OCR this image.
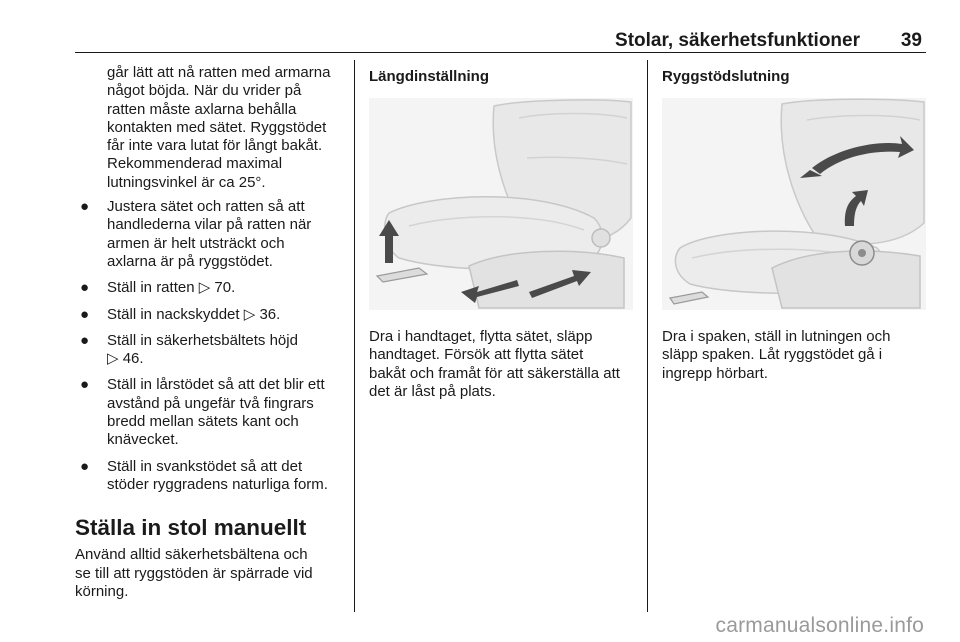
Stolar, säkerhetsfunktioner 39

går lätt att nå ratten med armarna
något böjda. När du vrider på
ratten måste axlarna behålla
kontakten med sätet. Ryggstödet
får inte vara lutat för långt bakåt.
Rekommenderad maximal
lutningsvinkel är ca 25°.

● Justera sätet och ratten så att
handlederna vilar på ratten när
armen är helt utsträckt och
axlarna är på ryggstödet.
● Ställ in ratten ▷ 70.
● Ställ in nackskyddet ▷ 36.
● Ställ in säkerhetsbältets höjd
▷ 46.
● Ställ in lårstödet så att det blir ett
avstånd på ungefär två fingrars
bredd mellan sätets kant och
knävecket.
● Ställ in svankstödet så att det
stöder ryggradens naturliga form.
Ställa in stol manuellt

Använd alltid säkerhetsbältena och
se till att ryggstöden är spärrade vid
körning.

Längdinställning

Dra i handtaget, flytta sätet, släpp
handtaget. Försök att flytta sätet
bakåt och framåt för att säkerställa att
det är låst på plats.

Ryggstödslutning

Dra i spaken, ställ in lutningen och
släpp spaken. Låt ryggstödet gå i
ingrepp hörbart.

carmanualsonline.info
